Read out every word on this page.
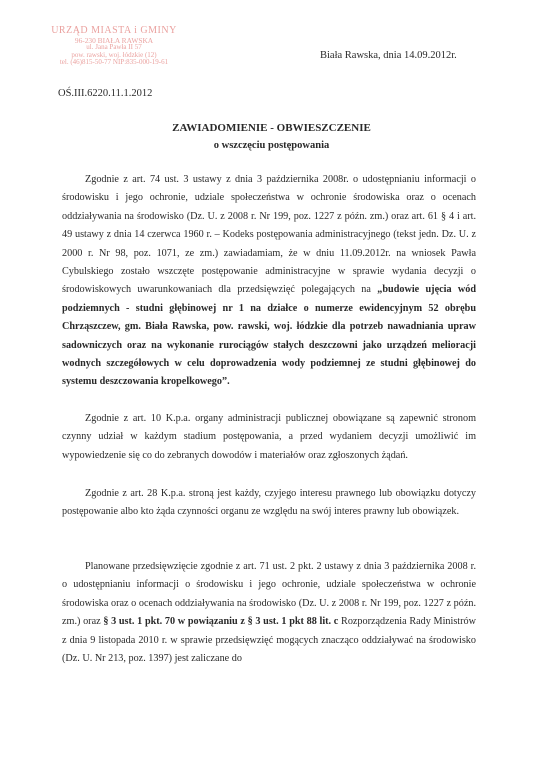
URZĄD MIASTA i GMINY
96-230 BIAŁA RAWSKA
ul. Jana Pawła II 57
pow. rawski, woj. łódzkie (12)
tel. (46)815-50-77 NIP:835-000-19-61
Biała Rawska, dnia 14.09.2012r.
OŚ.III.6220.11.1.2012
ZAWIADOMIENIE - OBWIESZCZENIE
o wszczęciu postępowania

Zgodnie z art. 74 ust. 3 ustawy z dnia 3 października 2008r. o udostępnianiu informacji o środowisku i jego ochronie, udziale społeczeństwa w ochronie środowiska oraz o ocenach oddziaływania na środowisko (Dz. U. z 2008 r. Nr 199, poz. 1227 z późn. zm.) oraz art. 61 § 4 i art. 49 ustawy z dnia 14 czerwca 1960 r. – Kodeks postępowania administracyjnego (tekst jedn. Dz. U. z 2000 r. Nr 98, poz. 1071, ze zm.) zawiadamiam, że w dniu 11.09.2012r. na wniosek Pawła Cybulskiego zostało wszczęte postępowanie administracyjne w sprawie wydania decyzji o środowiskowych uwarunkowaniach dla przedsięwzięć polegających na „budowie ujęcia wód podziemnych - studni głębinowej nr 1 na działce o numerze ewidencyjnym 52 obrębu Chrząszczew, gm. Biała Rawska, pow. rawski, woj. łódzkie dla potrzeb nawadniania upraw sadowniczych oraz na wykonanie rurociągów stałych deszczowni jako urządzeń melioracji wodnych szczegółowych w celu doprowadzenia wody podziemnej ze studni głębinowej do systemu deszczowania kropelkowego”.

Zgodnie z art. 10 K.p.a. organy administracji publicznej obowiązane są zapewnić stronom czynny udział w każdym stadium postępowania, a przed wydaniem decyzji umożliwić im wypowiedzenie się co do zebranych dowodów i materiałów oraz zgłoszonych żądań.

Zgodnie z art. 28 K.p.a. stroną jest każdy, czyjego interesu prawnego lub obowiązku dotyczy postępowanie albo kto żąda czynności organu ze względu na swój interes prawny lub obowiązek.

Planowane przedsięwzięcie zgodnie z art. 71 ust. 2 pkt. 2 ustawy z dnia 3 października 2008 r. o udostępnianiu informacji o środowisku i jego ochronie, udziale społeczeństwa w ochronie środowiska oraz o ocenach oddziaływania na środowisko (Dz. U. z 2008 r. Nr 199, poz. 1227 z późn. zm.) oraz § 3 ust. 1 pkt. 70 w powiązaniu z § 3 ust. 1 pkt 88 lit. c Rozporządzenia Rady Ministrów z dnia 9 listopada 2010 r. w sprawie przedsięwzięć mogących znacząco oddziaływać na środowisko (Dz. U. Nr 213, poz. 1397) jest zaliczane do
